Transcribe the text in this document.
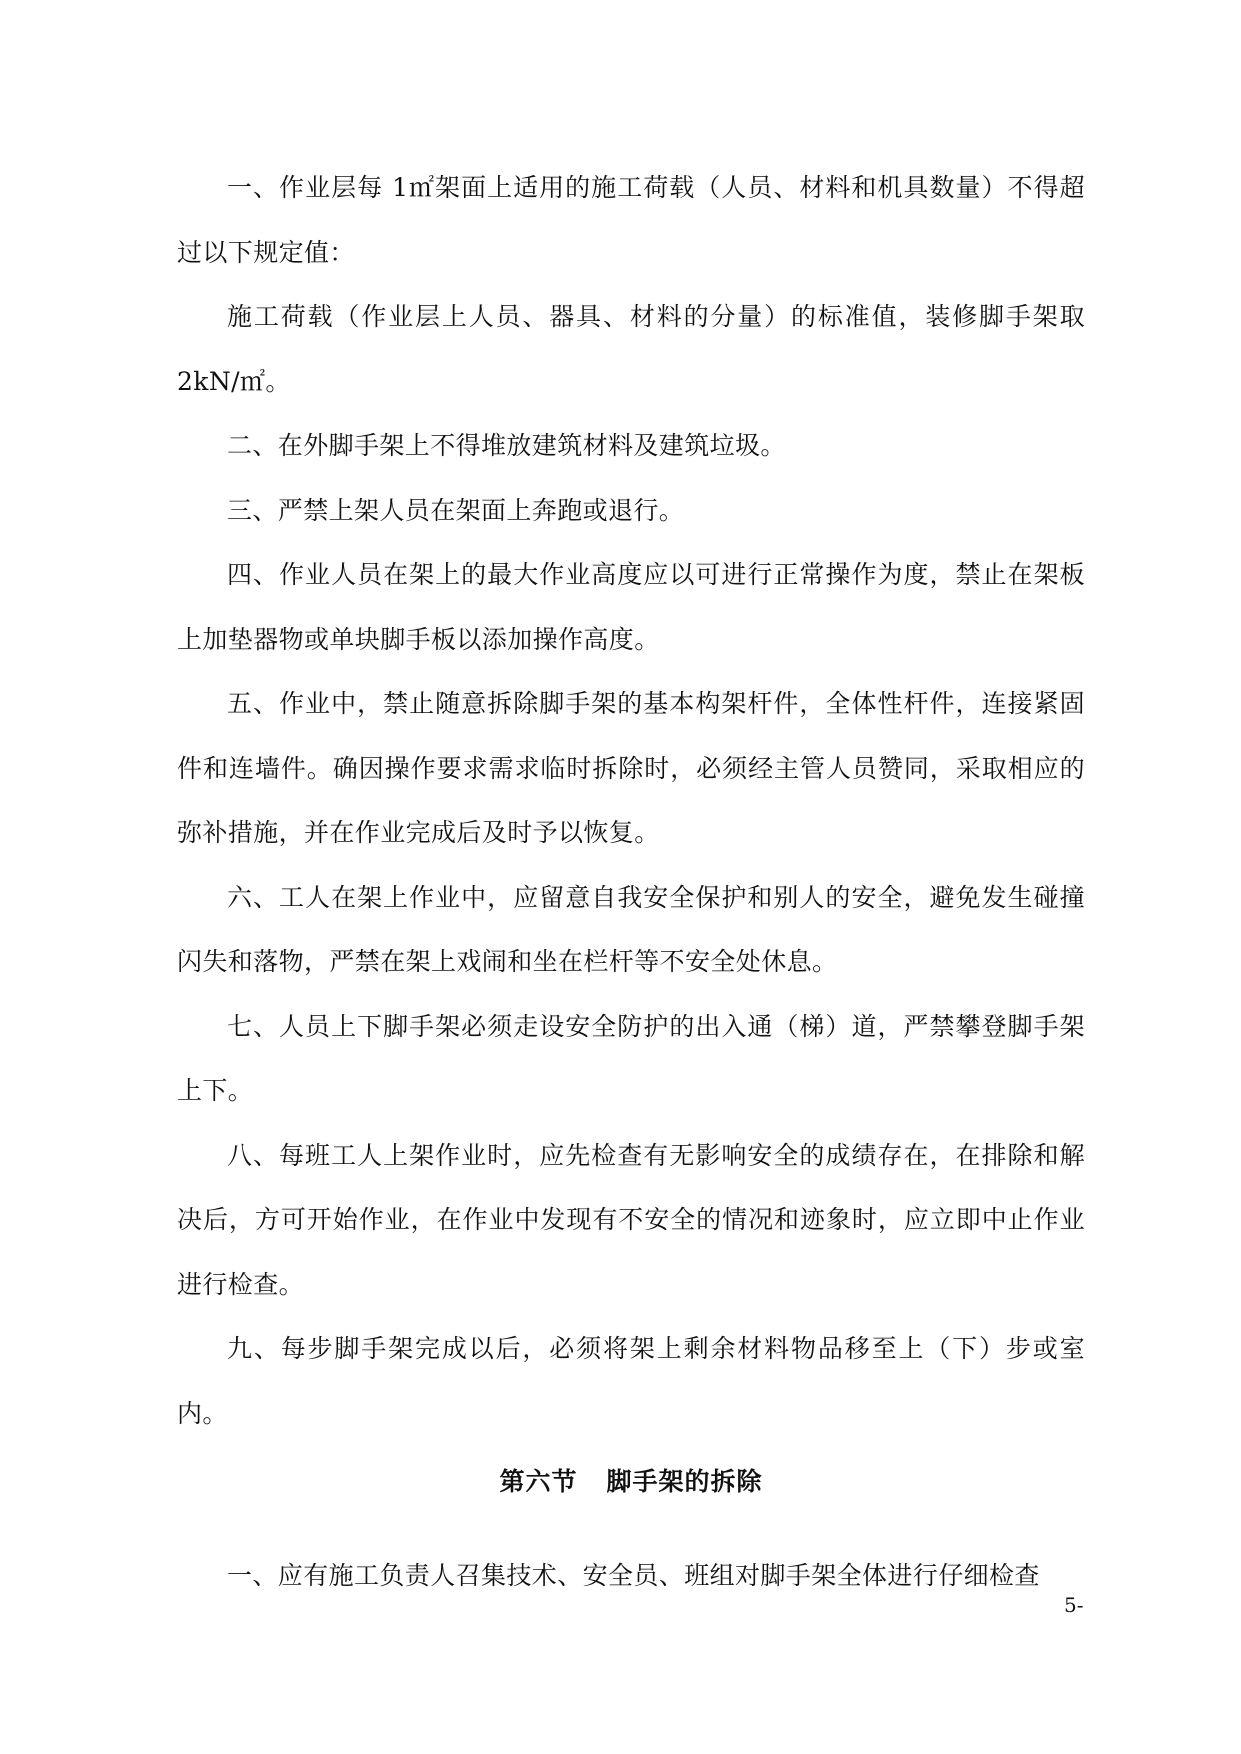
一、作业层每 1㎡架面上适用的施工荷载（人员、材料和机具数量）不得超过以下规定值：

施工荷载（作业层上人员、器具、材料的分量）的标准值，装修脚手架取2kN/㎡。

二、在外脚手架上不得堆放建筑材料及建筑垃圾。

三、严禁上架人员在架面上奔跑或退行。

四、作业人员在架上的最大作业高度应以可进行正常操作为度，禁止在架板上加垫器物或单块脚手板以添加操作高度。

五、作业中，禁止随意拆除脚手架的基本构架杆件，全体性杆件，连接紧固件和连墙件。确因操作要求需求临时拆除时，必须经主管人员赞同，采取相应的弥补措施，并在作业完成后及时予以恢复。

六、工人在架上作业中，应留意自我安全保护和别人的安全，避免发生碰撞闪失和落物，严禁在架上戏闹和坐在栏杆等不安全处休息。

七、人员上下脚手架必须走设安全防护的出入通（梯）道，严禁攀登脚手架上下。

八、每班工人上架作业时，应先检查有无影响安全的成绩存在，在排除和解决后，方可开始作业，在作业中发现有不安全的情况和迹象时，应立即中止作业进行检查。

九、每步脚手架完成以后，必须将架上剩余材料物品移至上（下）步或室内。

第六节   脚手架的拆除

一、应有施工负责人召集技术、安全员、班组对脚手架全体进行仔细检查

5-
